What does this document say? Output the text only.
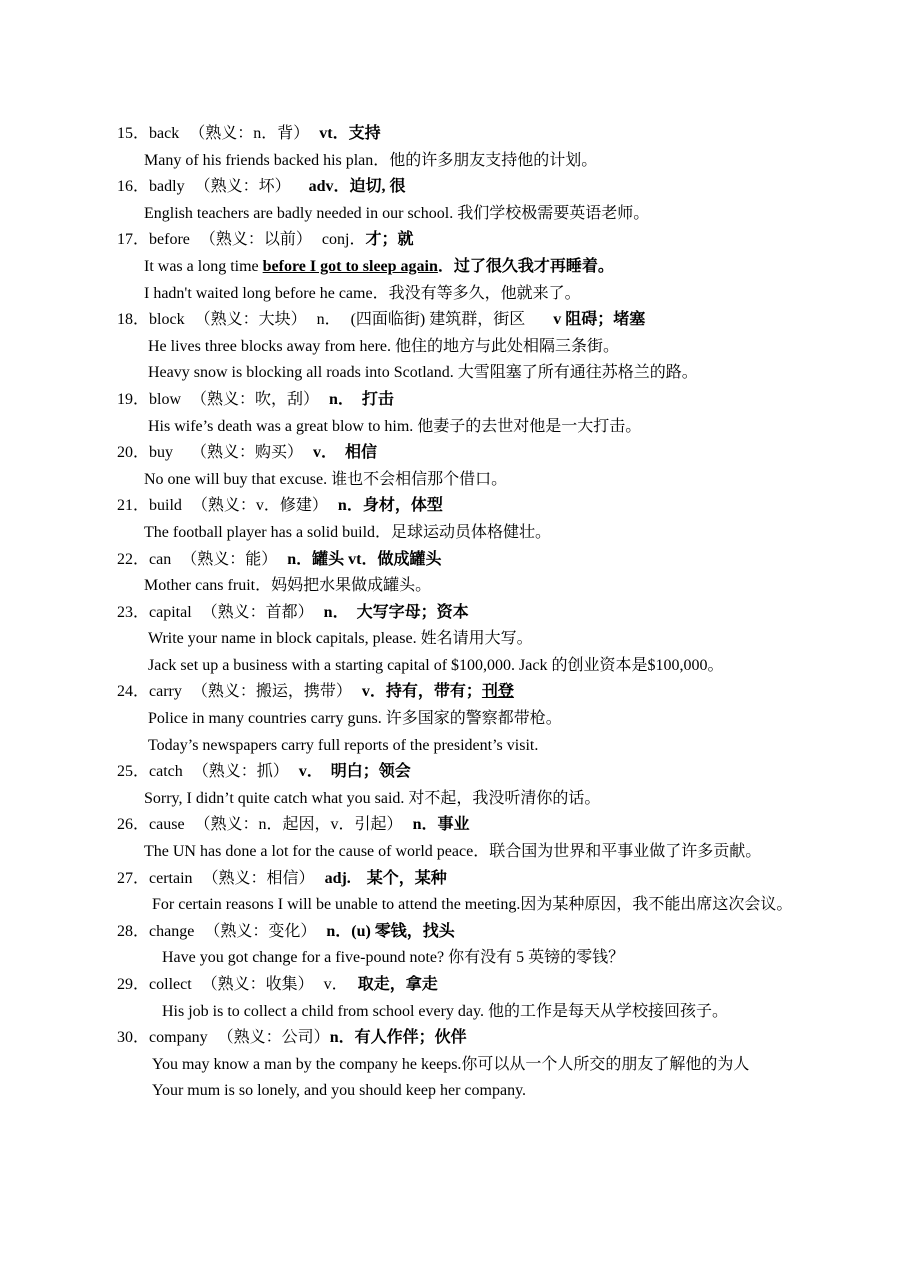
15．back （熟义：n．背） vt．支持
Many of his friends backed his plan．他的许多朋友支持他的计划。
16．badly （熟义：坏） adv．迫切, 很
English teachers are badly needed in our school. 我们学校极需要英语老师。
17．before （熟义：以前） conj．才；就
It was a long time before I got to sleep again．过了很久我才再睡着。
I hadn't waited long before he came．我没有等多久，他就来了。
18．block （熟义：大块） n． (四面临街) 建筑群，街区 v 阻碍；堵塞
He lives three blocks away from here. 他住的地方与此处相隔三条街。
Heavy snow is blocking all roads into Scotland. 大雪阻塞了所有通往苏格兰的路。
19．blow （熟义：吹，刮） n．  打击
His wife’s death was a great blow to him. 他妻子的去世对他是一大打击。
20．buy （熟义：购买） v．  相信
No one will buy that excuse. 谁也不会相信那个借口。
21．build （熟义：v．修建） n．身材，体型
The football player has a solid build．足球运动员体格健壮。
22．can （熟义：能） n．罐头 vt．做成罐头
Mother cans fruit．妈妈把水果做成罐头。
23．capital （熟义：首都） n．  大写字母；资本
Write your name in block capitals, please. 姓名请用大写。
Jack set up a business with a starting capital of $100,000. Jack 的创业资本是$100,000。
24．carry （熟义：搬运，携带） v．持有，带有；刊登
Police in many countries carry guns. 许多国家的警察都带枪。
Today’s newspapers carry full reports of the president’s visit.
25．catch （熟义：抓） v．  明白；领会
Sorry, I didn’t quite catch what you said. 对不起，我没听清你的话。
26．cause （熟义：n．起因，v．引起） n．事业
The UN has done a lot for the cause of world peace．联合国为世界和平事业做了许多贡献。
27．certain （熟义：相信） adj.    某个，某种
For certain reasons I will be unable to attend the meeting.因为某种原因，我不能出席这次会议。
28．change （熟义：变化） n．(u) 零钱，找头
Have you got change for a five-pound note? 你有没有 5 英镑的零钱？
29．collect （熟义：收集） v． 取走，拿走
His job is to collect a child from school every day. 他的工作是每天从学校接回孩子。
30．company （熟义：公司）n．有人作伴；伙伴
You may know a man by the company he keeps.你可以从一个人所交的朋友了解他的为人
Your mum is so lonely, and you should keep her company.
